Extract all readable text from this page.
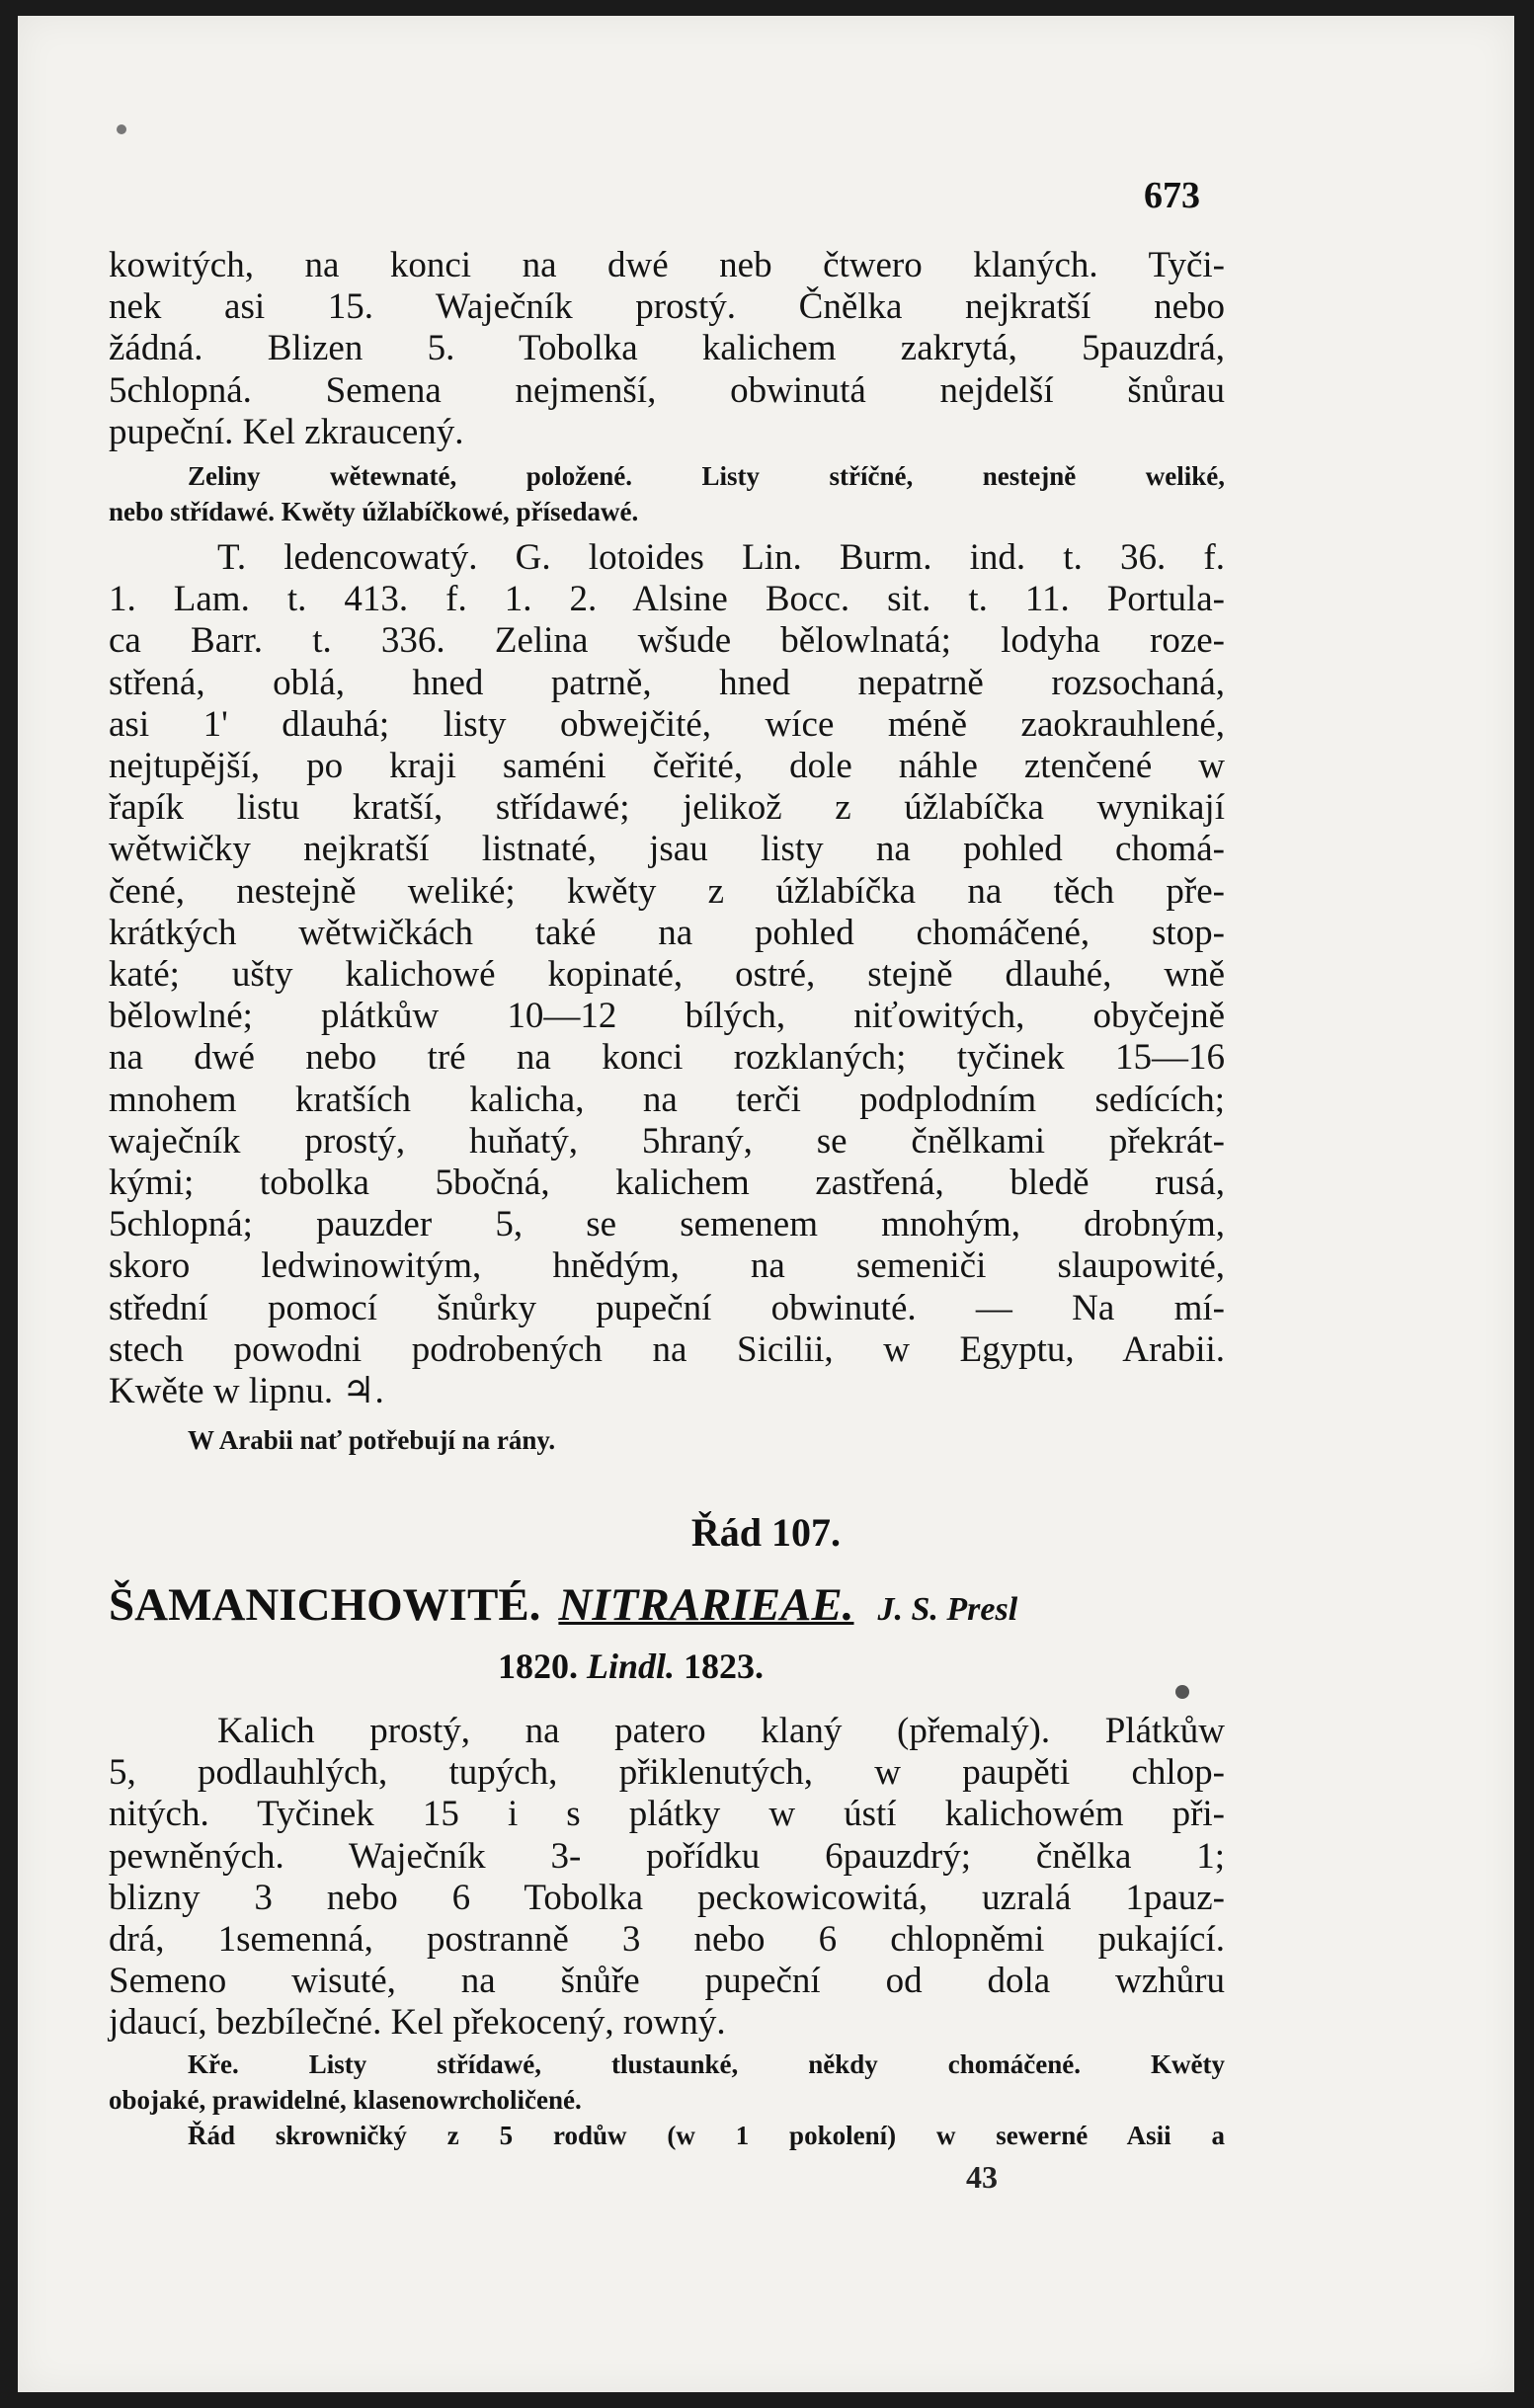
673
kowitých, na konci na dwé neb čtwero klaných. Tyči-
nek asi 15. Waječník prostý. Čnělka nejkratší nebo
žádná. Blizen 5. Tobolka kalichem zakrytá, 5pauzdrá,
5chlopná. Semena nejmenší, obwinutá nejdelší šnůrau
pupeční. Kel zkraucený.
Zeliny wětewnaté, položené. Listy stříčné, nestejně weliké,
nebo střídawé. Kwěty úžlabíčkowé, přísedawé.
T. ledencowatý. G. lotoides Lin. Burm. ind. t. 36. f.
1. Lam. t. 413. f. 1. 2. Alsine Bocc. sit. t. 11. Portula-
ca Barr. t. 336. Zelina wšude bělowlnatá; lodyha roze-
střená, oblá, hned patrně, hned nepatrně rozsochaná,
asi 1' dlauhá; listy obwejčité, wíce méně zaokrauhlené,
nejtupější, po kraji saméni čeřité, dole náhle ztenčené w
řapík listu kratší, střídawé; jelikož z úžlabíčka wynikají
wětwičky nejkratší listnaté, jsau listy na pohled chomá-
čené, nestejně weliké; kwěty z úžlabíčka na těch pře-
krátkých wětwičkách také na pohled chomáčené, stop-
katé; ušty kalichowé kopinaté, ostré, stejně dlauhé, wně
bělowlné; plátkůw 10—12 bílých, niťowitých, obyčejně
na dwé nebo tré na konci rozklaných; tyčinek 15—16
mnohem kratších kalicha, na terči podplodním sedících;
waječník prostý, huňatý, 5hraný, se čnělkami překrát-
kými; tobolka 5bočná, kalichem zastřená, bledě rusá,
5chlopná; pauzder 5, se semenem mnohým, drobným,
skoro ledwinowitým, hnědým, na semeniči slaupowité,
střední pomocí šnůrky pupeční obwinuté. — Na mí-
stech powodni podrobených na Sicilii, w Egyptu, Arabii.
Kwěte w lipnu. ♃.
W Arabii nať potřebují na rány.
Řád 107.
ŠAMANICHOWITÉ. NITRARIEAE. J. S. Presl
1820. Lindl. 1823.
Kalich prostý, na patero klaný (přemalý). Plátkůw
5, podlauhlých, tupých, přiklenutých, w paupěti chlop-
nitých. Tyčinek 15 i s plátky w ústí kalichowém při-
pewněných. Waječník 3- pořídku 6pauzdrý; čnělka 1;
blizny 3 nebo 6 Tobolka peckowicowitá, uzralá 1pauz-
drá, 1semenná, postranně 3 nebo 6 chlopněmi pukající.
Semeno wisuté, na šnůře pupeční od dola wzhůru
jdaucí, bezbílečné. Kel překocený, rowný.
Kře. Listy střídawé, tlustaunké, někdy chomáčené. Kwěty
obojaké, prawidelné, klasenowrcholičené.
Řád skrowničký z 5 rodůw (w 1 pokolení) w sewerné Asii a
43
